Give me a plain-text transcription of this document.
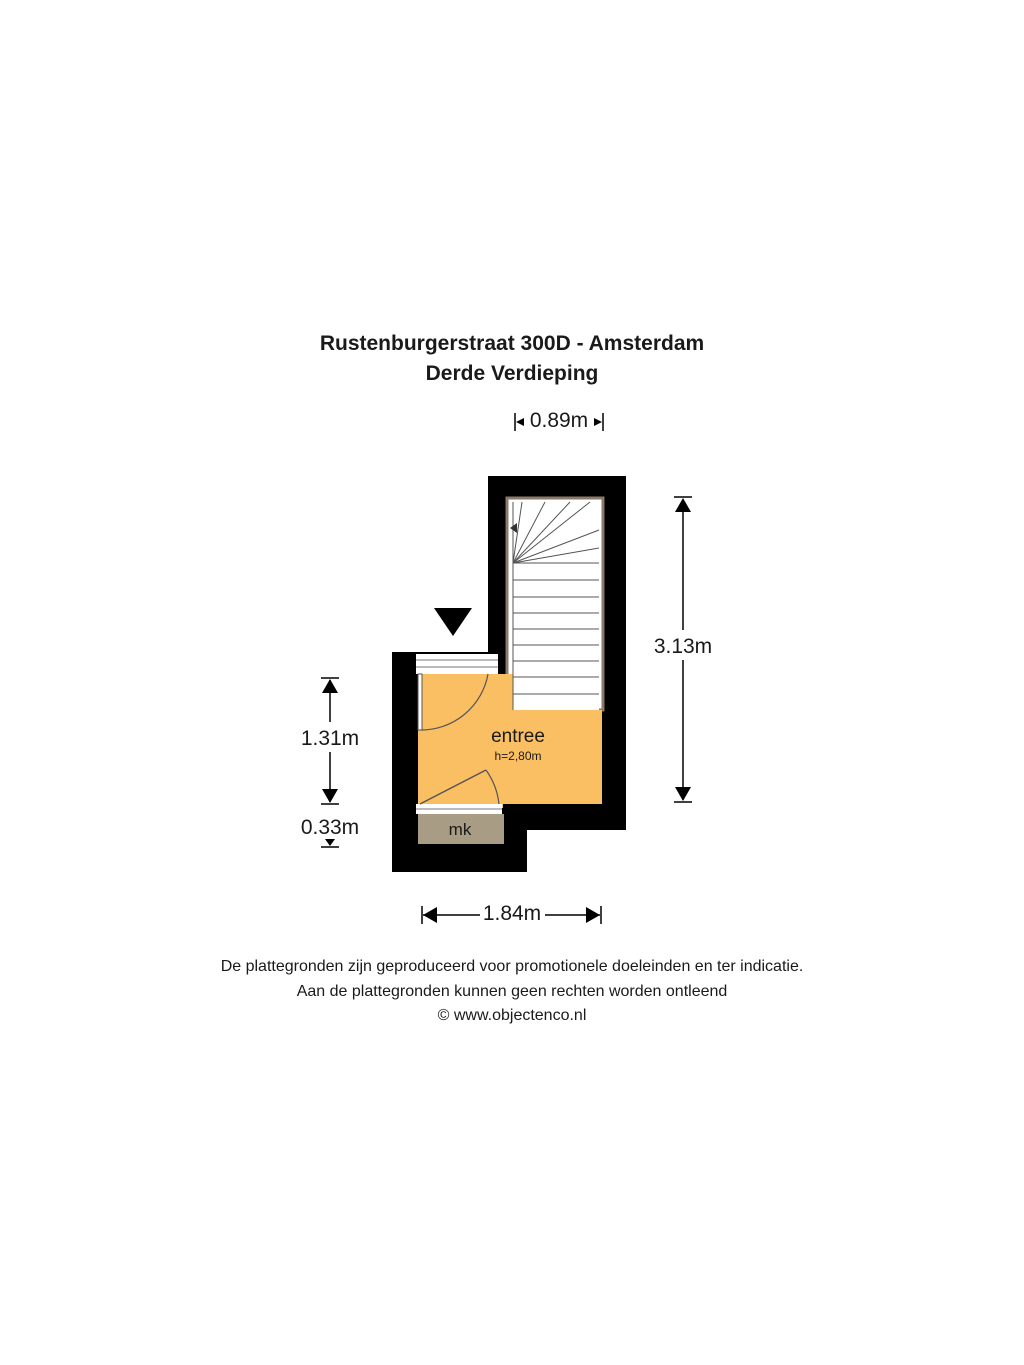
Rustenburgerstraat 300D - Amsterdam
Derde Verdieping
entree
h=2,80m
mk
0.89m
3.13m
1.31m
0.33m
1.84m
De plattegronden zijn geproduceerd voor promotionele doeleinden en ter indicatie.
Aan de plattegronden kunnen geen rechten worden ontleend
© www.objectenco.nl
